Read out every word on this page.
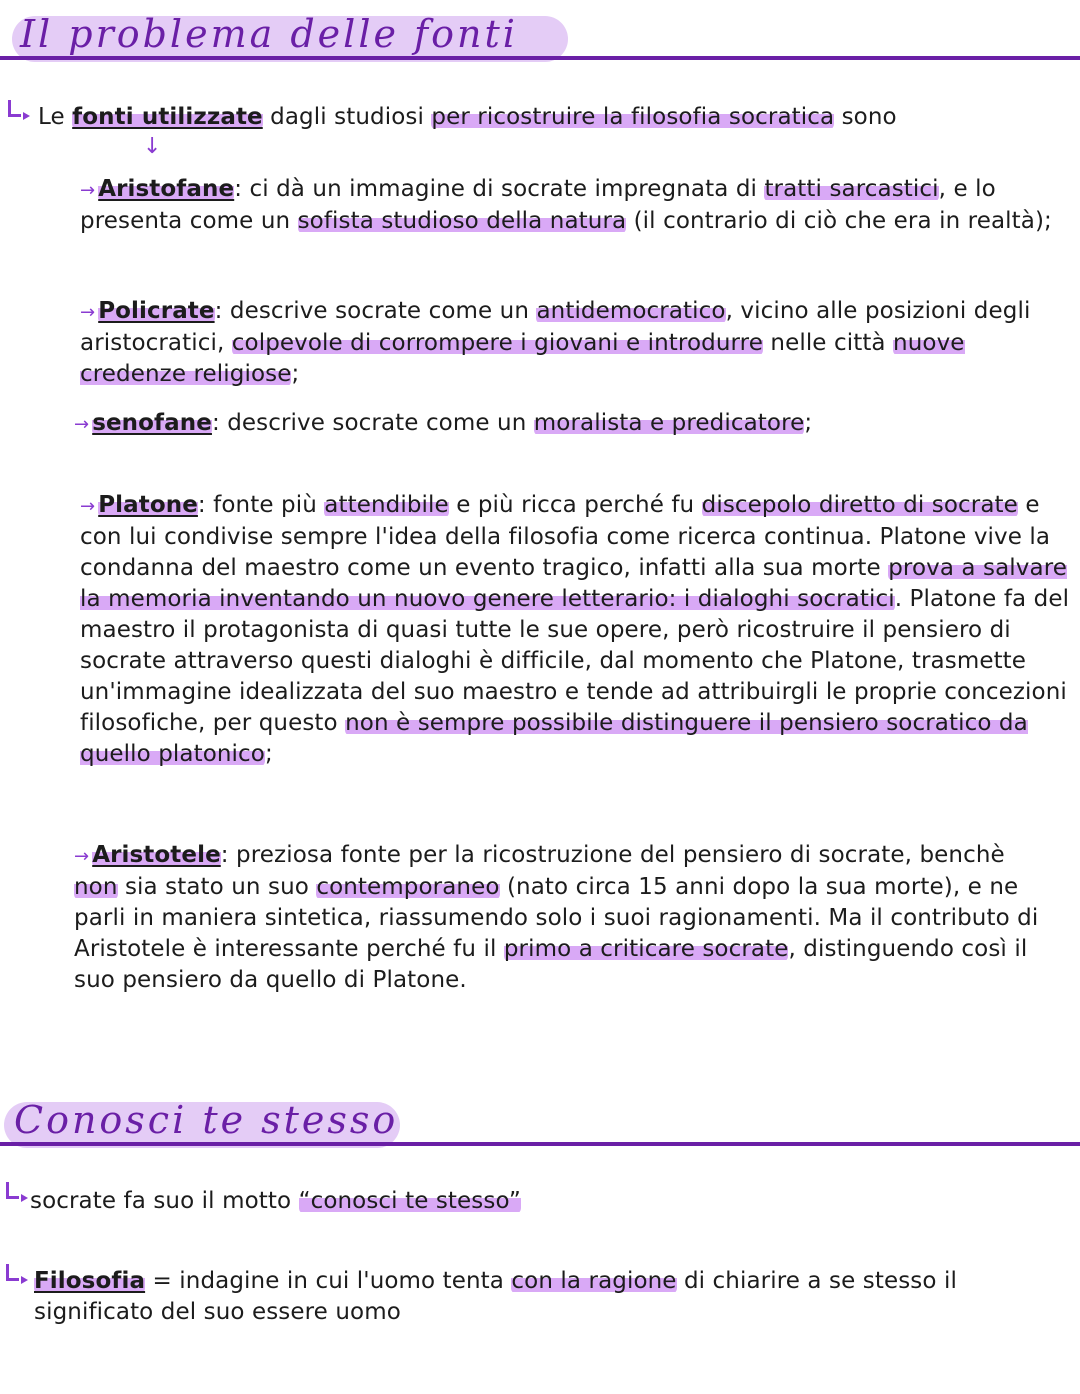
Il problema delle fonti
Le fonti utilizzate dagli studiosi per ricostruire la filosofia socratica sono
↓
→ Aristofane: ci dà un immagine di socrate impregnata di tratti sarcastici, e lo presenta come un sofista studioso della natura (il contrario di ciò che era in realtà);
→ Policrate: descrive socrate come un antidemocratico, vicino alle posizioni degli aristocratici, colpevole di corrompere i giovani e introdurre nelle città nuove credenze religiose;
→ senofane: descrive socrate come un moralista e predicatore;
→ Platone: fonte più attendibile e più ricca perché fu discepolo diretto di socrate e con lui condivise sempre l'idea della filosofia come ricerca continua. Platone vive la condanna del maestro come un evento tragico, infatti alla sua morte prova a salvare la memoria inventando un nuovo genere letterario: i dialoghi socratici. Platone fa del maestro il protagonista di quasi tutte le sue opere, però ricostruire il pensiero di socrate attraverso questi dialoghi è difficile, dal momento che Platone, trasmette un'immagine idealizzata del suo maestro e tende ad attribuirgli le proprie concezioni filosofiche, per questo non è sempre possibile distinguere il pensiero socratico da quello platonico;
→ Aristotele: preziosa fonte per la ricostruzione del pensiero di socrate, benchè non sia stato un suo contemporaneo (nato circa 15 anni dopo la sua morte), e ne parli in maniera sintetica, riassumendo solo i suoi ragionamenti. Ma il contributo di Aristotele è interessante perché fu il primo a criticare socrate, distinguendo così il suo pensiero da quello di Platone.
Conosci te stesso
socrate fa suo il motto “conosci te stesso”
Filosofia = indagine in cui l'uomo tenta con la ragione di chiarire a se stesso il significato del suo essere uomo
